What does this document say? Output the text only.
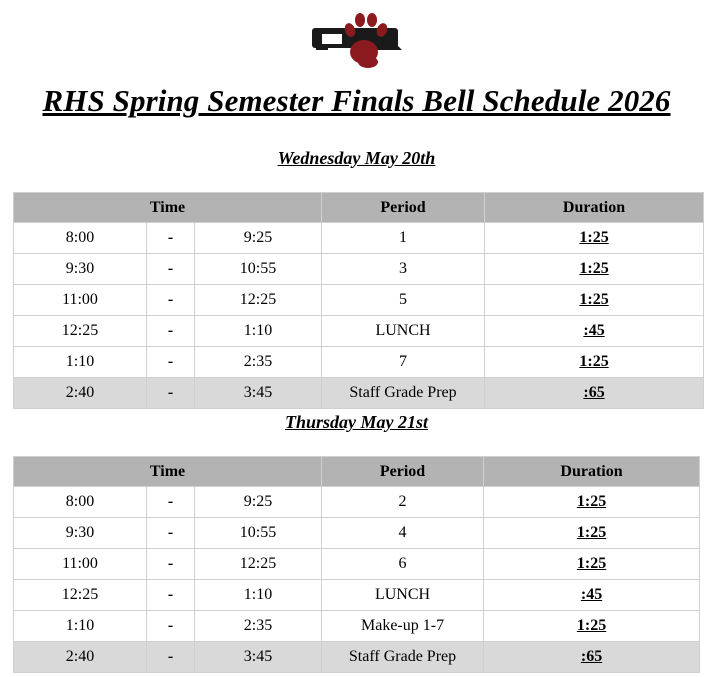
RHS Spring Semester Finals Bell Schedule 2026
Wednesday May 20th
Time			Period	Duration
8:00	-	9:25	1	1:25
9:30	-	10:55	3	1:25
11:00	-	12:25	5	1:25
12:25	-	1:10	LUNCH	:45
1:10	-	2:35	7	1:25
2:40	-	3:45	Staff Grade Prep	:65
Thursday May 21st
Time			Period	Duration
8:00	-	9:25	2	1:25
9:30	-	10:55	4	1:25
11:00	-	12:25	6	1:25
12:25	-	1:10	LUNCH	:45
1:10	-	2:35	Make-up 1-7	1:25
2:40	-	3:45	Staff Grade Prep	:65
